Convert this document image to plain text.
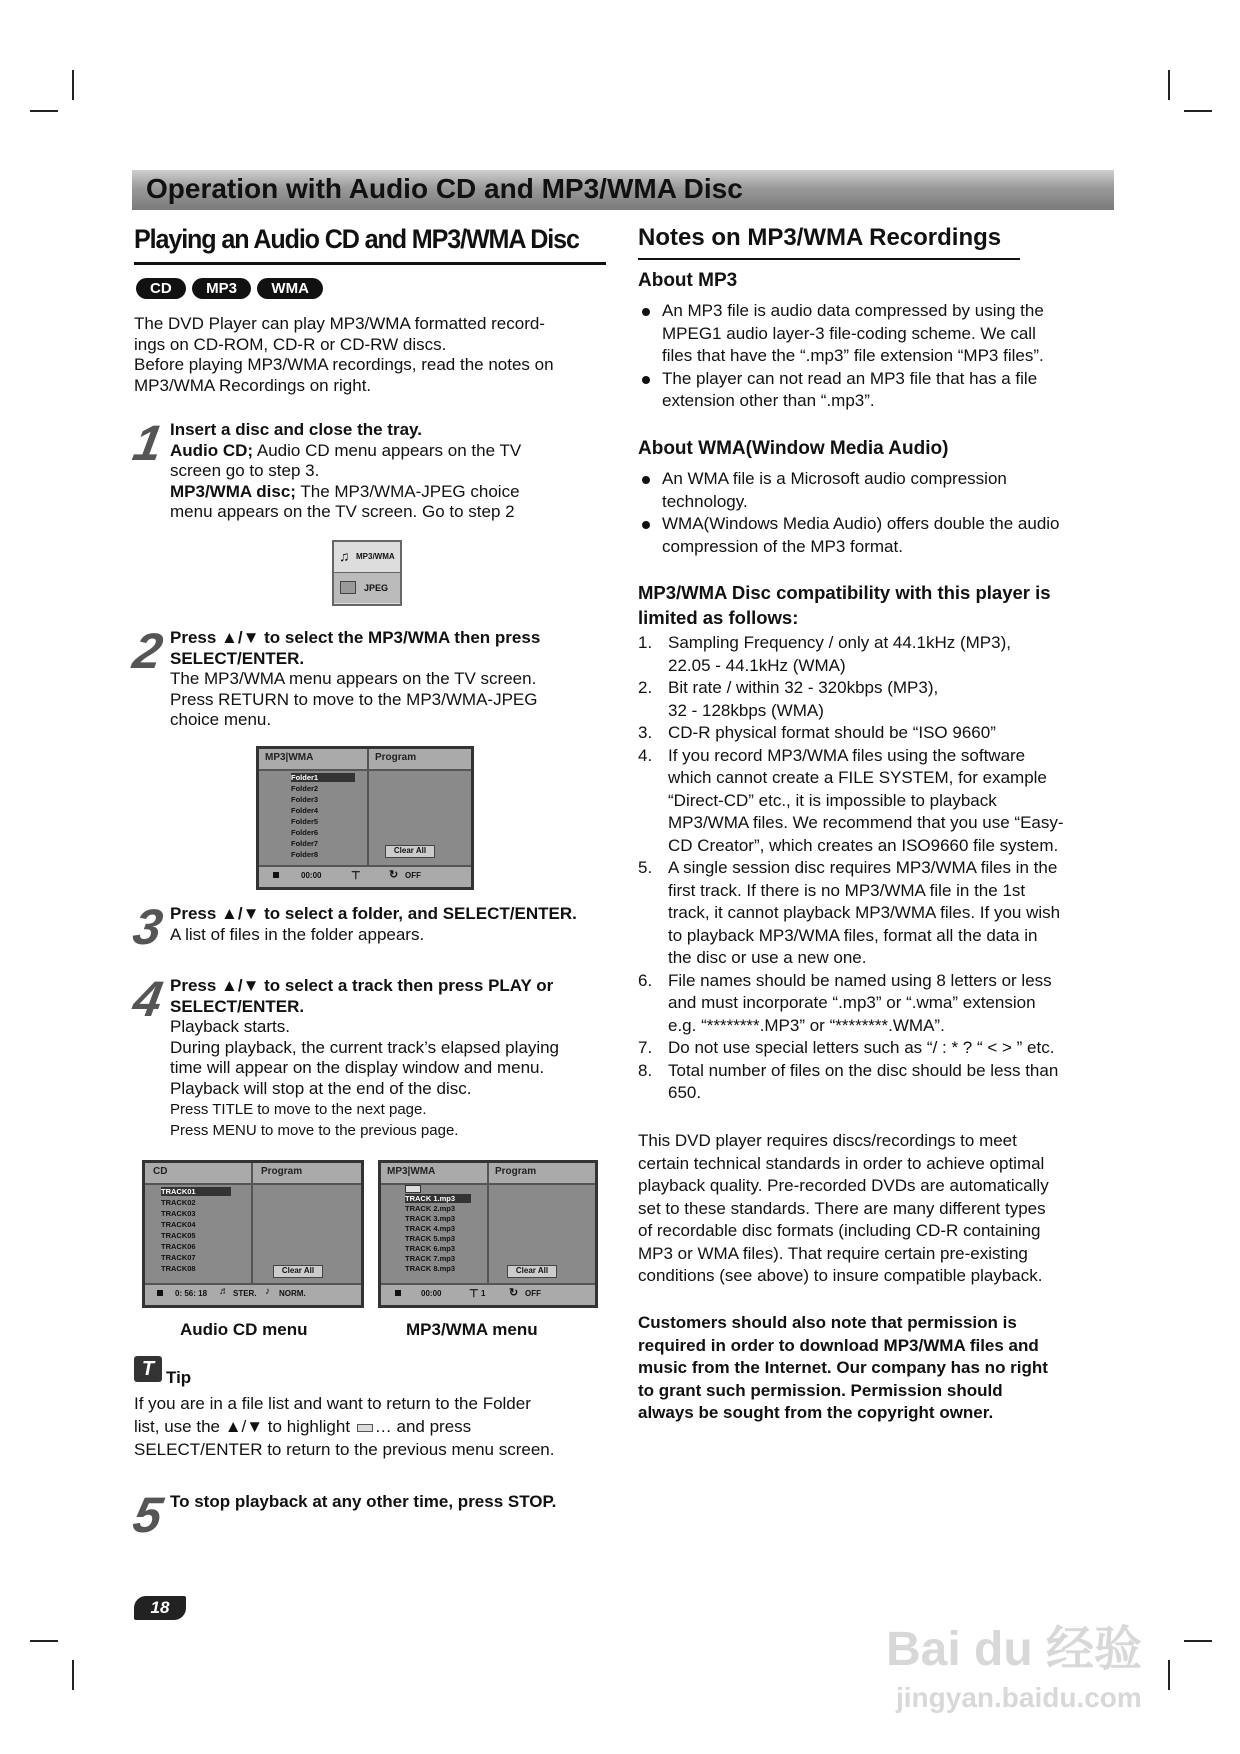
Operation with Audio CD and MP3/WMA Disc
Playing an Audio CD and MP3/WMA Disc
CD MP3 WMA
The DVD Player can play MP3/WMA formatted record-
ings on CD-ROM, CD-R or CD-RW discs.
Before playing MP3/WMA recordings, read the notes on
MP3/WMA Recordings on right.
1 Insert a disc and close the tray.
Audio CD; Audio CD menu appears on the TV
screen go to step 3.
MP3/WMA disc; The MP3/WMA-JPEG choice
menu appears on the TV screen. Go to step 2
♫ MP3/WMA
JPEG
2 Press ▲/▼ to select the MP3/WMA then press
SELECT/ENTER.
The MP3/WMA menu appears on the TV screen.
Press RETURN to move to the MP3/WMA-JPEG
choice menu.
MP3|WMA	Program
Folder1
Folder2
Folder3
Folder4
Folder5
Folder6
Folder7
Folder8	Clear All
00:00	⊤	↻ OFF
3 Press ▲/▼ to select a folder, and SELECT/ENTER.
A list of files in the folder appears.
4 Press ▲/▼ to select a track then press PLAY or
SELECT/ENTER.
Playback starts.
During playback, the current track’s elapsed playing
time will appear on the display window and menu.
Playback will stop at the end of the disc.
Press TITLE to move to the next page.
Press MENU to move to the previous page.
CD	Program
TRACK01
TRACK02
TRACK03
TRACK04
TRACK05
TRACK06
TRACK07
TRACK08	Clear All
0: 56: 18 ♬ STER. ♪ NORM.
MP3|WMA	Program
TRACK 1.mp3
TRACK 2.mp3
TRACK 3.mp3
TRACK 4.mp3
TRACK 5.mp3
TRACK 6.mp3
TRACK 7.mp3
TRACK 8.mp3	Clear All
00:00	⊤ 1 ↻ OFF
Audio CD menu	MP3/WMA menu
T Tip
If you are in a file list and want to return to the Folder
list, use the ▲/▼ to highlight … and press
SELECT/ENTER to return to the previous menu screen.
5 To stop playback at any other time, press STOP.
18
Notes on MP3/WMA Recordings
About MP3
An MP3 file is audio data compressed by using the
MPEG1 audio layer-3 file-coding scheme. We call
files that have the “.mp3” file extension “MP3 files”.
The player can not read an MP3 file that has a file
extension other than “.mp3”.
About WMA(Window Media Audio)
An WMA file is a Microsoft audio compression
technology.
WMA(Windows Media Audio) offers double the audio
compression of the MP3 format.
MP3/WMA Disc compatibility with this player is
limited as follows:
1. Sampling Frequency / only at 44.1kHz (MP3),
22.05 - 44.1kHz (WMA)
2. Bit rate / within 32 - 320kbps (MP3),
32 - 128kbps (WMA)
3. CD-R physical format should be “ISO 9660”
4. If you record MP3/WMA files using the software
which cannot create a FILE SYSTEM, for example
“Direct-CD” etc., it is impossible to playback
MP3/WMA files. We recommend that you use “Easy-
CD Creator”, which creates an ISO9660 file system.
5. A single session disc requires MP3/WMA files in the
first track. If there is no MP3/WMA file in the 1st
track, it cannot playback MP3/WMA files. If you wish
to playback MP3/WMA files, format all the data in
the disc or use a new one.
6. File names should be named using 8 letters or less
and must incorporate “.mp3” or “.wma” extension
e.g. “********.MP3” or “********.WMA”.
7. Do not use special letters such as “/ : * ? “ < > ” etc.
8. Total number of files on the disc should be less than
650.
This DVD player requires discs/recordings to meet
certain technical standards in order to achieve optimal
playback quality. Pre-recorded DVDs are automatically
set to these standards. There are many different types
of recordable disc formats (including CD-R containing
MP3 or WMA files). That require certain pre-existing
conditions (see above) to insure compatible playback.
Customers should also note that permission is
required in order to download MP3/WMA files and
music from the Internet. Our company has no right
to grant such permission. Permission should
always be sought from the copyright owner.
Bai du 经验
jingyan.baidu.com
